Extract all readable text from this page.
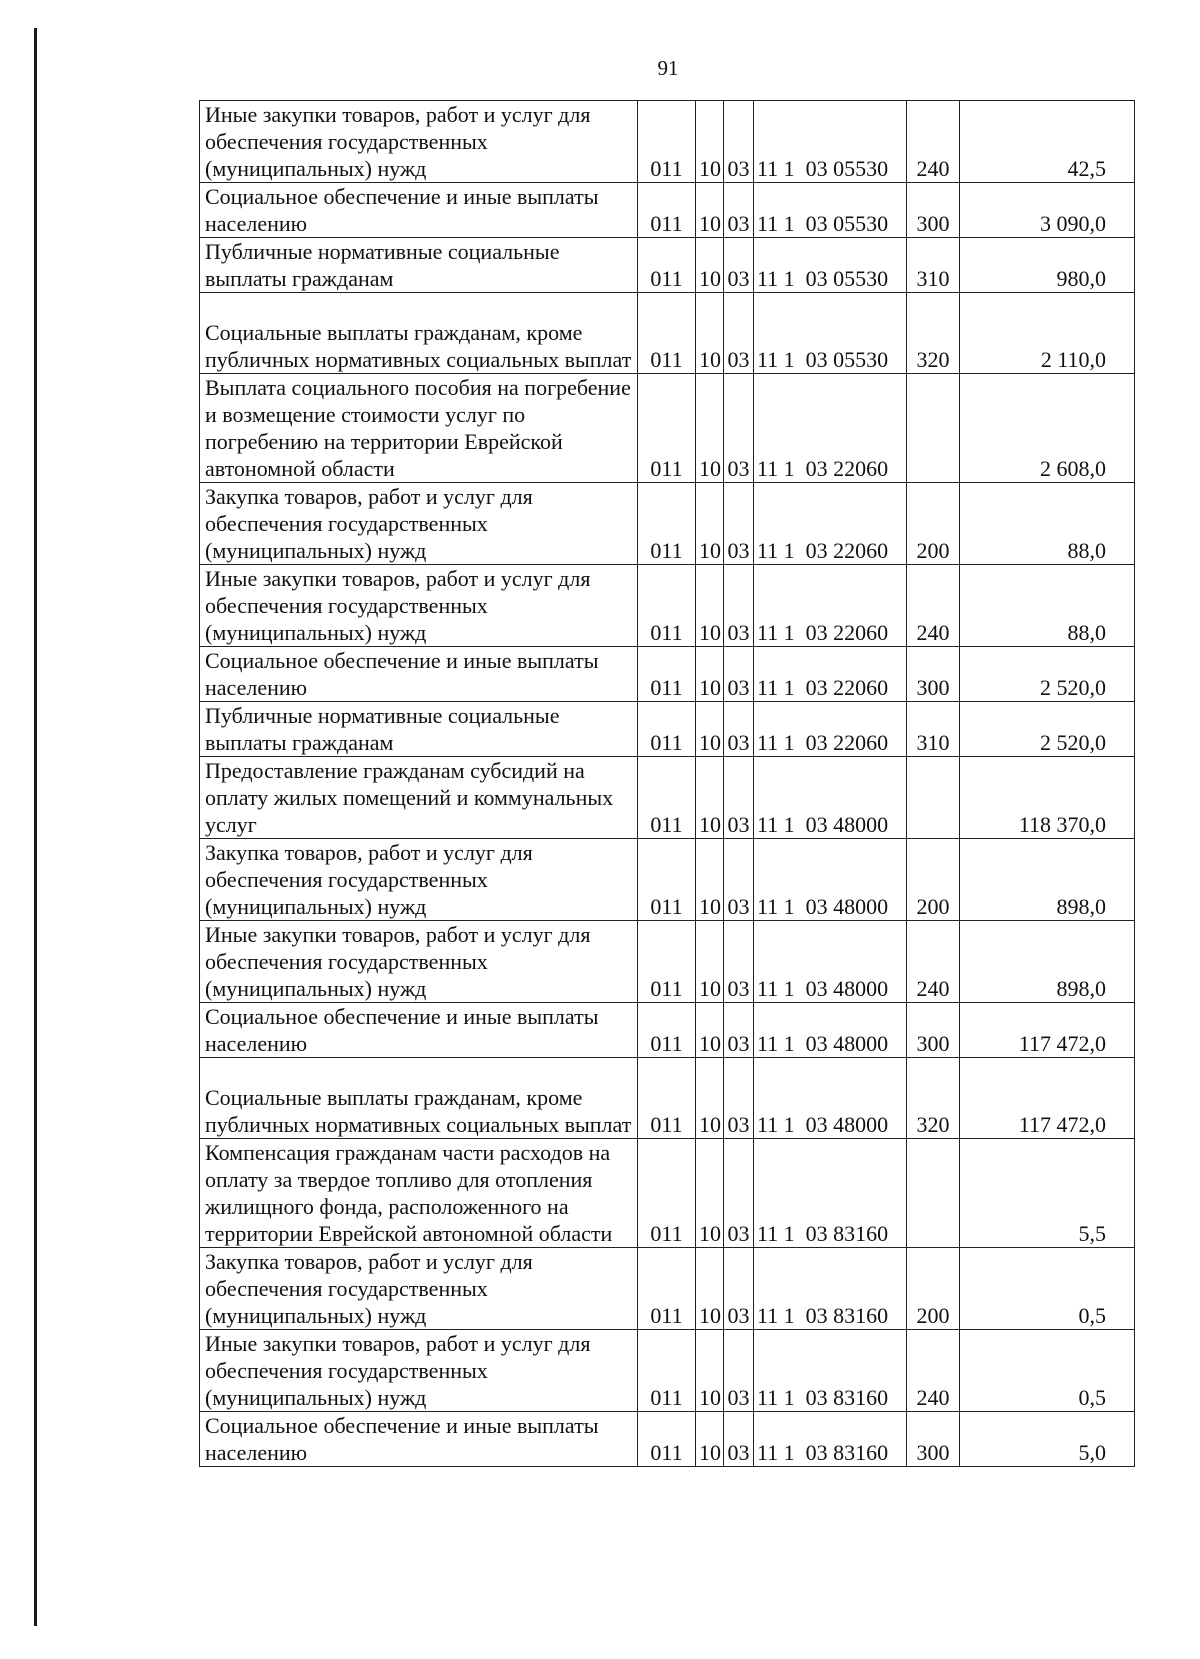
91
Иные закупки товаров, работ и услуг для обеспечения государственных (муниципальных) нужд	011	10	03	11 1  03 05530	240	42,5
Социальное обеспечение и иные выплаты населению	011	10	03	11 1  03 05530	300	3 090,0
Публичные нормативные социальные выплаты гражданам	011	10	03	11 1  03 05530	310	980,0
Социальные выплаты гражданам, кроме публичных нормативных социальных выплат	011	10	03	11 1  03 05530	320	2 110,0
Выплата социального пособия на погребение и возмещение стоимости услуг по погребению на территории Еврейской автономной области	011	10	03	11 1  03 22060		2 608,0
Закупка товаров, работ и услуг для обеспечения государственных (муниципальных) нужд	011	10	03	11 1  03 22060	200	88,0
Иные закупки товаров, работ и услуг для обеспечения государственных (муниципальных) нужд	011	10	03	11 1  03 22060	240	88,0
Социальное обеспечение и иные выплаты населению	011	10	03	11 1  03 22060	300	2 520,0
Публичные нормативные социальные выплаты гражданам	011	10	03	11 1  03 22060	310	2 520,0
Предоставление гражданам субсидий на оплату жилых помещений и коммунальных услуг	011	10	03	11 1  03 48000		118 370,0
Закупка товаров, работ и услуг для обеспечения государственных (муниципальных) нужд	011	10	03	11 1  03 48000	200	898,0
Иные закупки товаров, работ и услуг для обеспечения государственных (муниципальных) нужд	011	10	03	11 1  03 48000	240	898,0
Социальное обеспечение и иные выплаты населению	011	10	03	11 1  03 48000	300	117 472,0
Социальные выплаты гражданам, кроме публичных нормативных социальных выплат	011	10	03	11 1  03 48000	320	117 472,0
Компенсация гражданам части расходов на оплату за твердое топливо для отопления жилищного фонда, расположенного на территории Еврейской автономной области	011	10	03	11 1  03 83160		5,5
Закупка товаров, работ и услуг для обеспечения государственных (муниципальных) нужд	011	10	03	11 1  03 83160	200	0,5
Иные закупки товаров, работ и услуг для обеспечения государственных (муниципальных) нужд	011	10	03	11 1  03 83160	240	0,5
Социальное обеспечение и иные выплаты населению	011	10	03	11 1  03 83160	300	5,0
